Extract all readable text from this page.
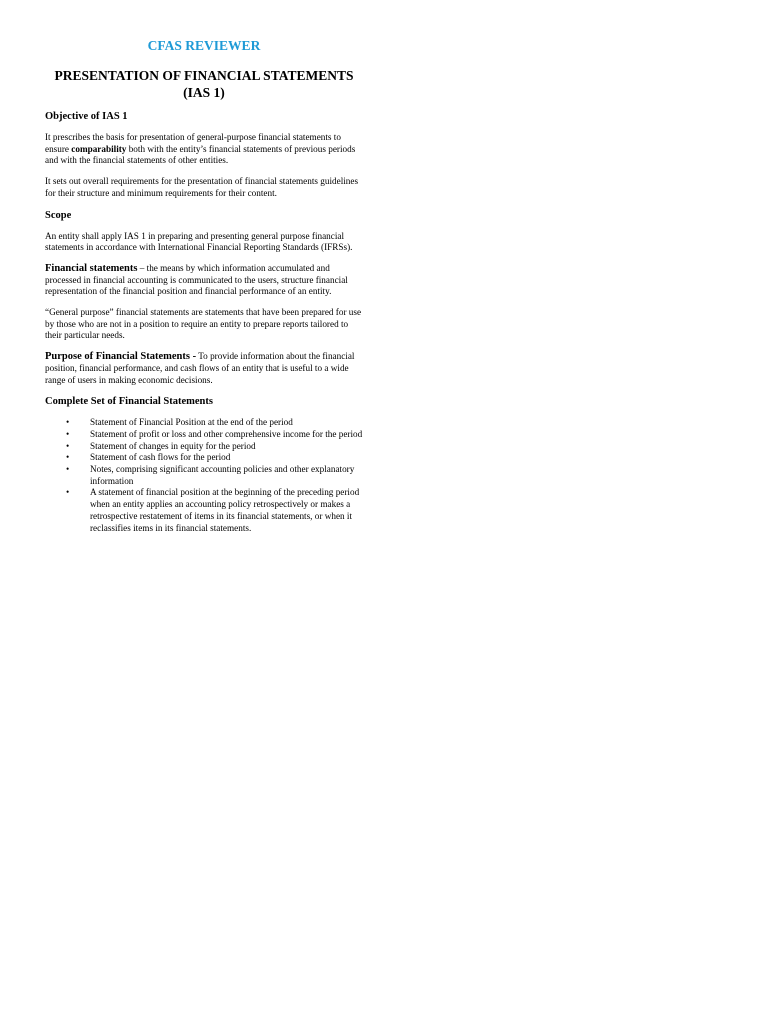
CFAS REVIEWER
PRESENTATION OF FINANCIAL STATEMENTS (IAS 1)
Objective of IAS 1

It prescribes the basis for presentation of general-purpose financial statements to ensure comparability both with the entity’s financial statements of previous periods and with the financial statements of other entities.

It sets out overall requirements for the presentation of financial statements guidelines for their structure and minimum requirements for their content.

Scope

An entity shall apply IAS 1 in preparing and presenting general purpose financial statements in accordance with International Financial Reporting Standards (IFRSs).

Financial statements – the means by which information accumulated and processed in financial accounting is communicated to the users, structure financial representation of the financial position and financial performance of an entity.

“General purpose” financial statements are statements that have been prepared for use by those who are not in a position to require an entity to prepare reports tailored to their particular needs.

Purpose of Financial Statements - To provide information about the financial position, financial performance, and cash flows of an entity that is useful to a wide range of users in making economic decisions.

Complete Set of Financial Statements
• Statement of Financial Position at the end of the period
• Statement of profit or loss and other comprehensive income for the period
• Statement of changes in equity for the period
• Statement of cash flows for the period
• Notes, comprising significant accounting policies and other explanatory information
• A statement of financial position at the beginning of the preceding period when an entity applies an accounting policy retrospectively or makes a retrospective restatement of items in its financial statements, or when it reclassifies items in its financial statements.
